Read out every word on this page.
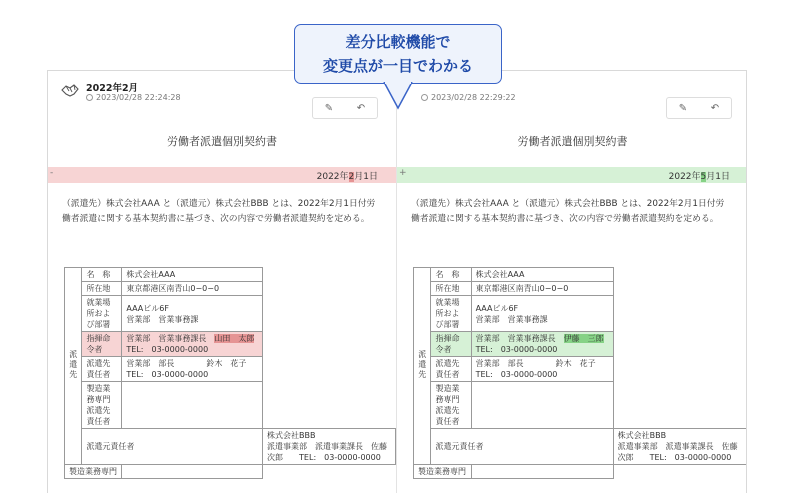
2022年2月
2023/02/28 22:24:28	2023/02/28 22:29:22
✎	↶	✎	↶
労働者派遣個別契約書
-	2022年2月1日
（派遣先）株式会社AAA と（派遣元）株式会社BBB とは、2022年2月1日付労働者派遣に関する基本契約書に基づき、次の内容で労働者派遣契約を定める。
派遣先	名　称	株式会社AAA	
	所在地	東京都港区南青山0−0−0	
	就業場所および部署	AAAビル6F
営業部　営業事務課	

	指揮命令者	営業部　営業事務課長　 山田　太郎　　　TEL:　03-0000-0000	
	派遣先責任者	営業部　部長　　　　 鈴木　花子　　　TEL:　03-0000-0000	
	製造業務専門派遣先責任者		
	派遣元責任者		株式会社BBB
派遣事業部　派遣事業課長　佐藤　次郎　　TEL:　03-0000-0000

製造業務専門			
労働者派遣個別契約書
+	2022年5月1日
（派遣先）株式会社AAA と（派遣元）株式会社BBB とは、2022年2月1日付労働者派遣に関する基本契約書に基づき、次の内容で労働者派遣契約を定める。
派遣先	名　称	株式会社AAA	
	所在地	東京都港区南青山0−0−0	
	就業場所および部署	AAAビル6F
営業部　営業事務課	

	指揮命令者	営業部　営業事務課長　 伊藤　三郎　　　TEL:　03-0000-0000	
	派遣先責任者	営業部　部長　　　　 鈴木　花子　　　TEL:　03-0000-0000	
	製造業務専門派遣先責任者		
	派遣元責任者		株式会社BBB
派遣事業部　派遣事業課長　佐藤　次郎　　TEL:　03-0000-0000

製造業務専門			
差分比較機能で
変更点が一目でわかる
